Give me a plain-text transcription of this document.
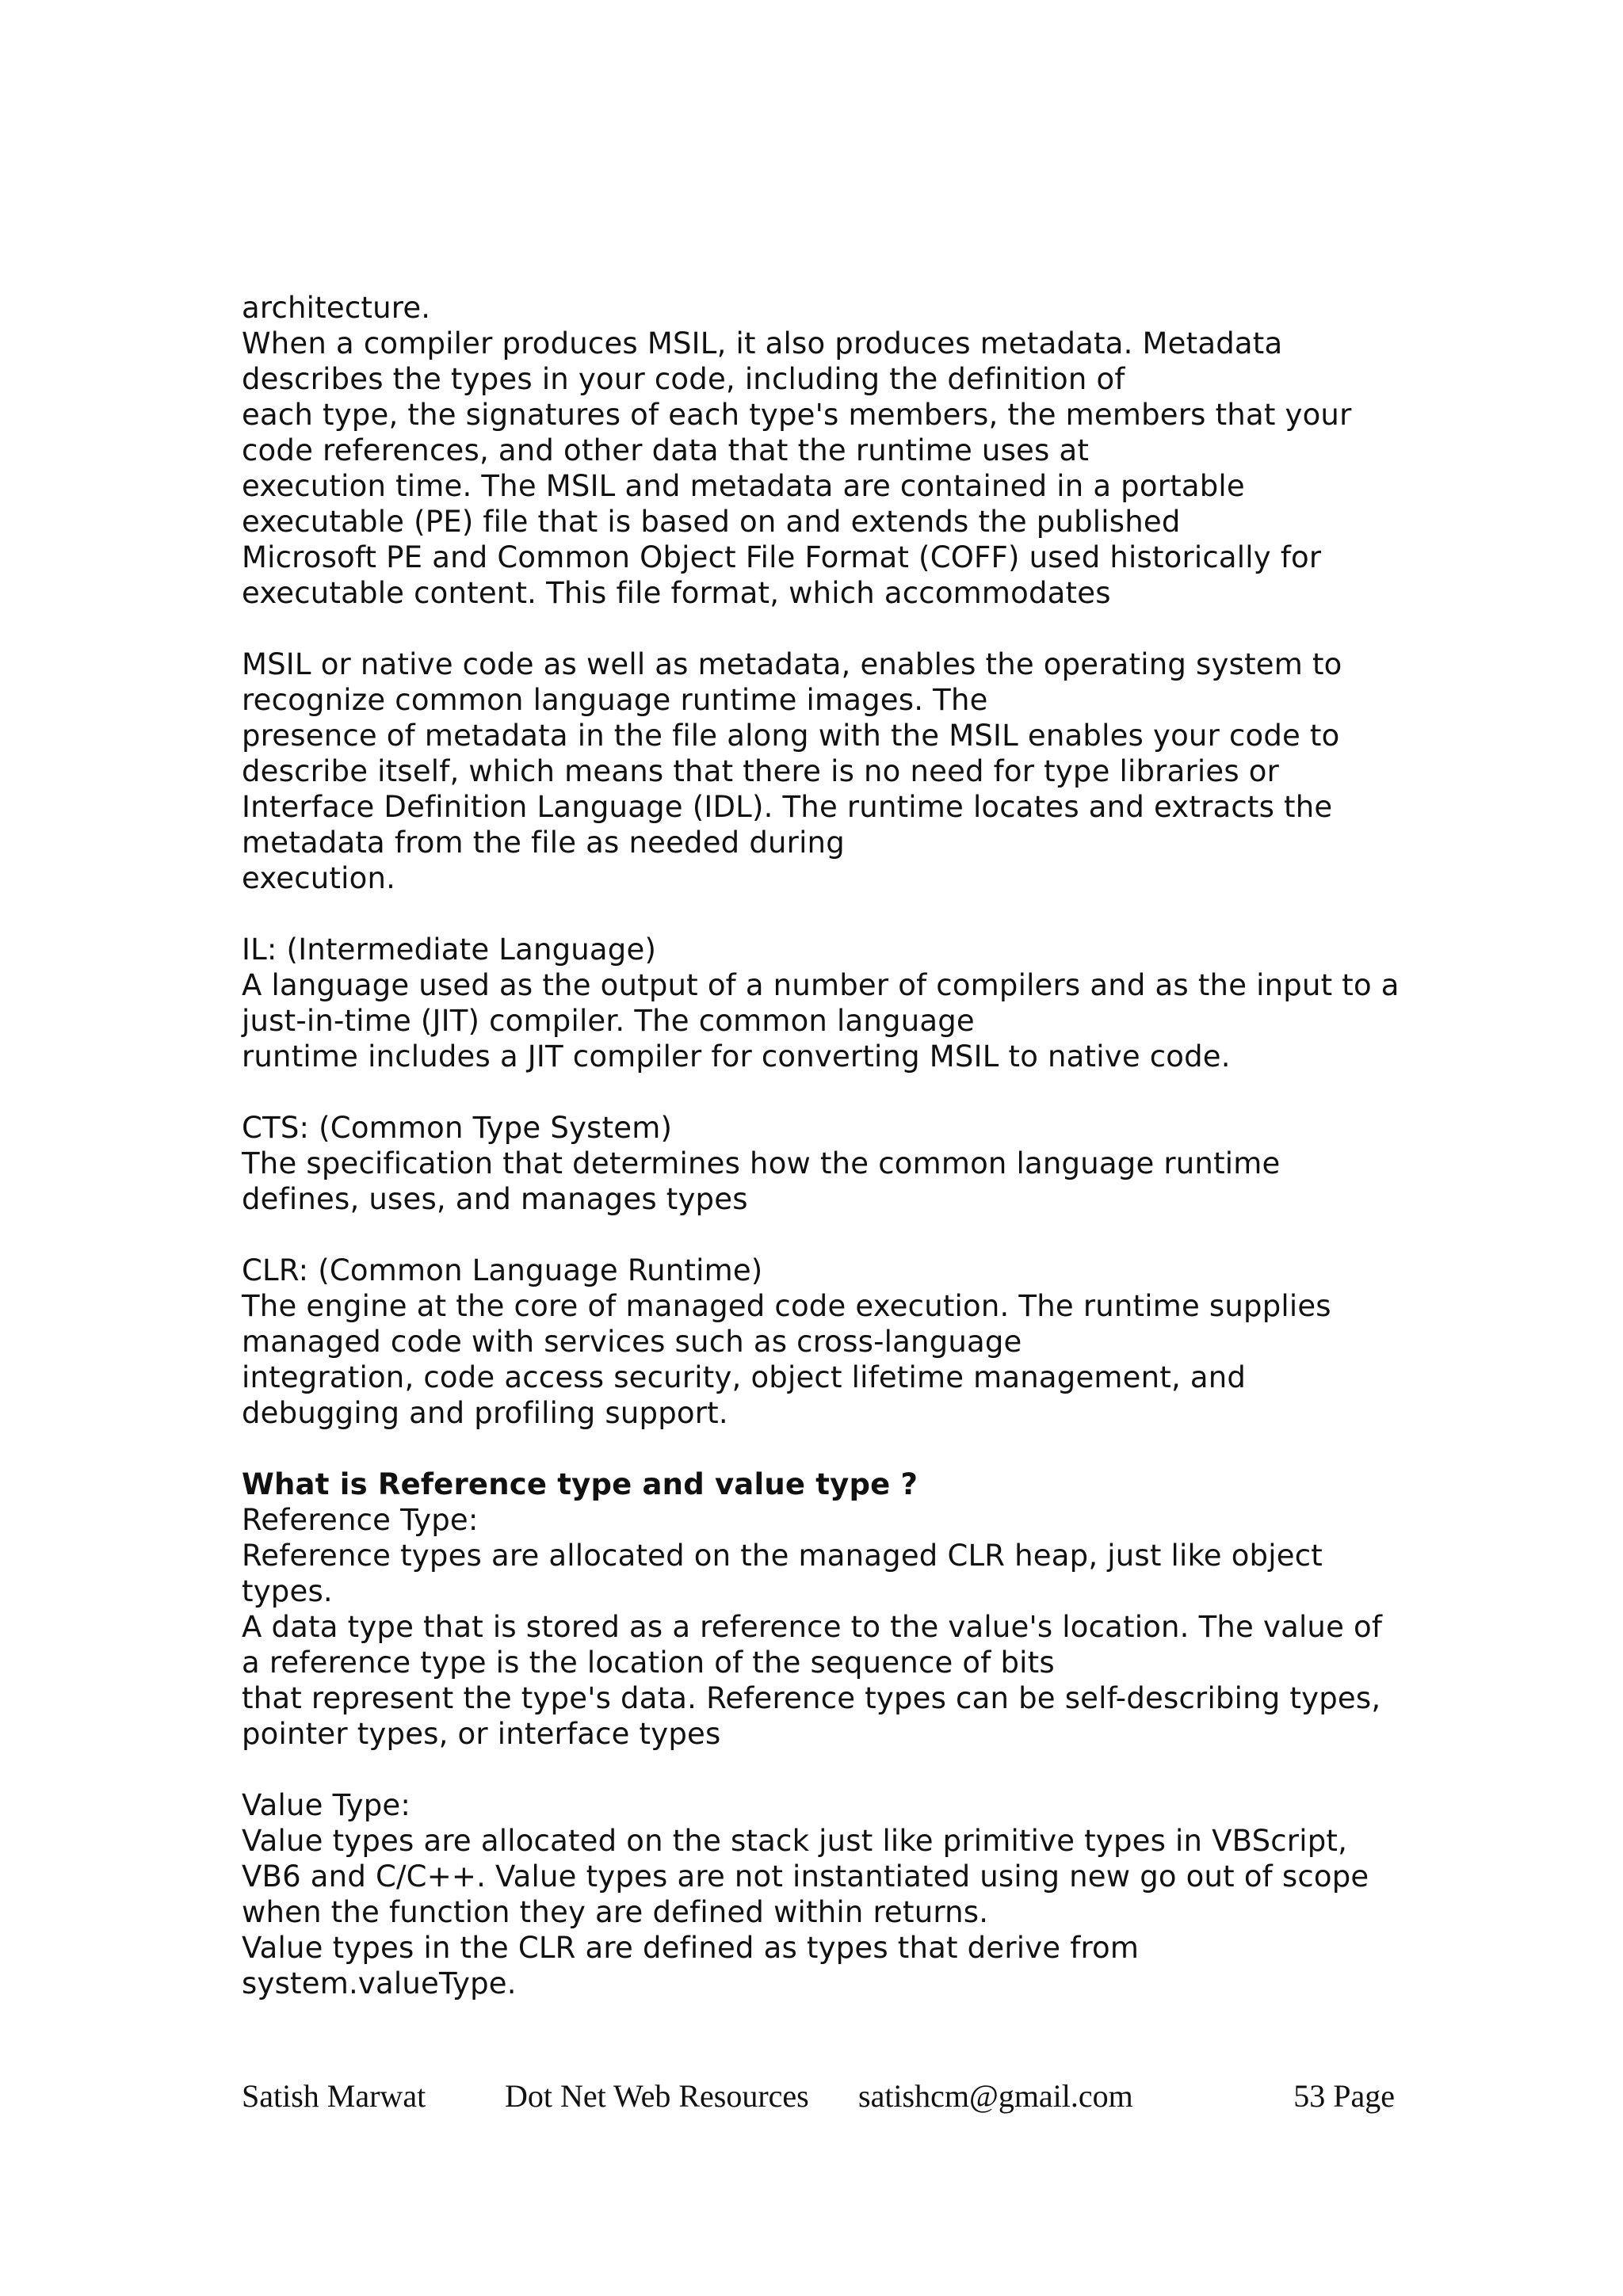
architecture.
When a compiler produces MSIL, it also produces metadata. Metadata
describes the types in your code, including the definition of
each type, the signatures of each type's members, the members that your
code references, and other data that the runtime uses at
execution time. The MSIL and metadata are contained in a portable
executable (PE) file that is based on and extends the published
Microsoft PE and Common Object File Format (COFF) used historically for
executable content. This file format, which accommodates
MSIL or native code as well as metadata, enables the operating system to
recognize common language runtime images. The
presence of metadata in the file along with the MSIL enables your code to
describe itself, which means that there is no need for type libraries or
Interface Definition Language (IDL). The runtime locates and extracts the
metadata from the file as needed during
execution.
IL: (Intermediate Language)
A language used as the output of a number of compilers and as the input to a
just-in-time (JIT) compiler. The common language
runtime includes a JIT compiler for converting MSIL to native code.
CTS: (Common Type System)
The specification that determines how the common language runtime
defines, uses, and manages types
CLR: (Common Language Runtime)
The engine at the core of managed code execution. The runtime supplies
managed code with services such as cross-language
integration, code access security, object lifetime management, and
debugging and profiling support.
What is Reference type and value type ?
Reference Type:
Reference types are allocated on the managed CLR heap, just like object
types.
A data type that is stored as a reference to the value's location. The value of
a reference type is the location of the sequence of bits
that represent the type's data. Reference types can be self-describing types,
pointer types, or interface types
Value Type:
Value types are allocated on the stack just like primitive types in VBScript,
VB6 and C/C++. Value types are not instantiated using new go out of scope
when the function they are defined within returns.
Value types in the CLR are defined as types that derive from
system.valueType.
Satish Marwat Dot Net Web Resources satishcm@gmail.com	53 Page
